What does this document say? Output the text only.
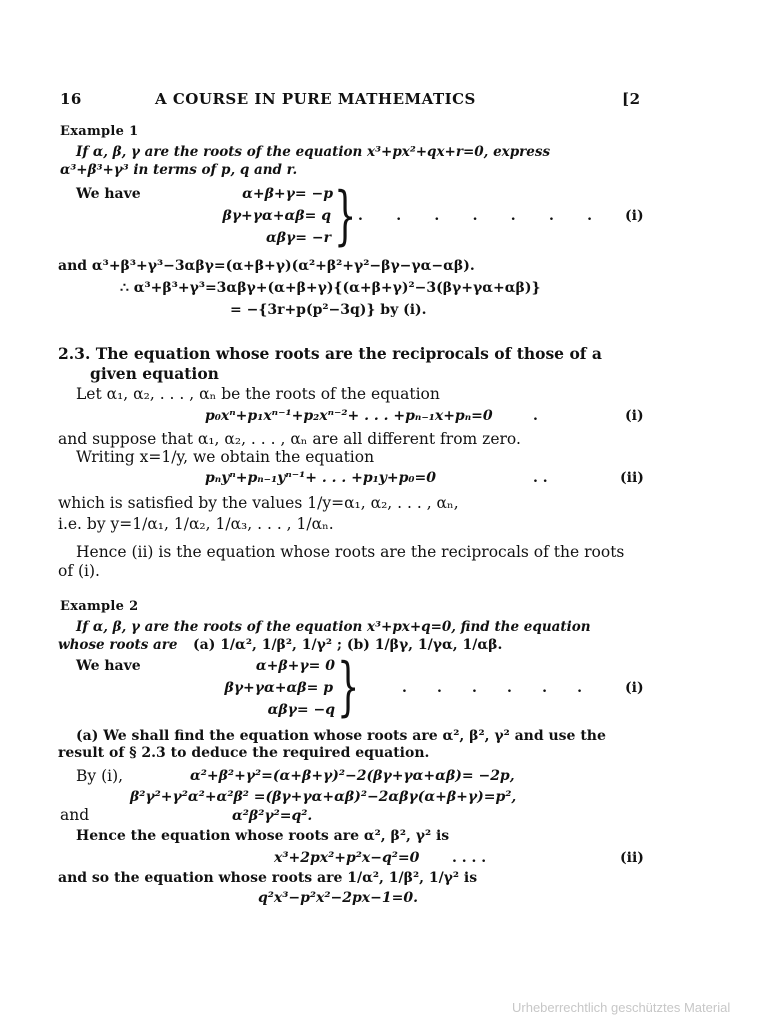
16	A COURSE IN PURE MATHEMATICS	[2
Example 1
If α, β, γ are the roots of the equation x³+px²+qx+r=0, express
α³+β³+γ³ in terms of p, q and r.
We have	α+β+γ= −p
βγ+γα+αβ= q
αβγ= −r } . . . . . . . (i)
and α³+β³+γ³−3αβγ=(α+β+γ)(α²+β²+γ²−βγ−γα−αβ).
∴ α³+β³+γ³=3αβγ+(α+β+γ){(α+β+γ)²−3(βγ+γα+αβ)}
= −{3r+p(p²−3q)} by (i).
2.3. The equation whose roots are the reciprocals of those of a
given equation
Let α₁, α₂, . . . , αₙ be the roots of the equation
p₀xⁿ+p₁xⁿ⁻¹+p₂xⁿ⁻²+ . . . +pₙ₋₁x+pₙ=0	.	(i)
and suppose that α₁, α₂, . . . , αₙ are all different from zero.
Writing x=1/y, we obtain the equation
pₙyⁿ+pₙ₋₁yⁿ⁻¹+ . . . +p₁y+p₀=0	. .	(ii)
which is satisfied by the values 1/y=α₁, α₂, . . . , αₙ,
i.e. by y=1/α₁, 1/α₂, 1/α₃, . . . , 1/αₙ.
Hence (ii) is the equation whose roots are the reciprocals of the roots
of (i).
Example 2
If α, β, γ are the roots of the equation x³+px+q=0, find the equation
whose roots are (a) 1/α², 1/β², 1/γ² ; (b) 1/βγ, 1/γα, 1/αβ.
We have	α+β+γ= 0
βγ+γα+αβ= p
αβγ= −q }	. . . . . .	(i)
(a) We shall find the equation whose roots are α², β², γ² and use the
result of § 2.3 to deduce the required equation.
By (i),	α²+β²+γ²=(α+β+γ)²−2(βγ+γα+αβ)= −2p,
β²γ²+γ²α²+α²β² =(βγ+γα+αβ)²−2αβγ(α+β+γ)=p²,
and	α²β²γ²=q².
Hence the equation whose roots are α², β², γ² is
x³+2px²+p²x−q²=0 . . . .	(ii)
and so the equation whose roots are 1/α², 1/β², 1/γ² is
q²x³−p²x²−2px−1=0.
Urheberrechtlich geschütztes Material
